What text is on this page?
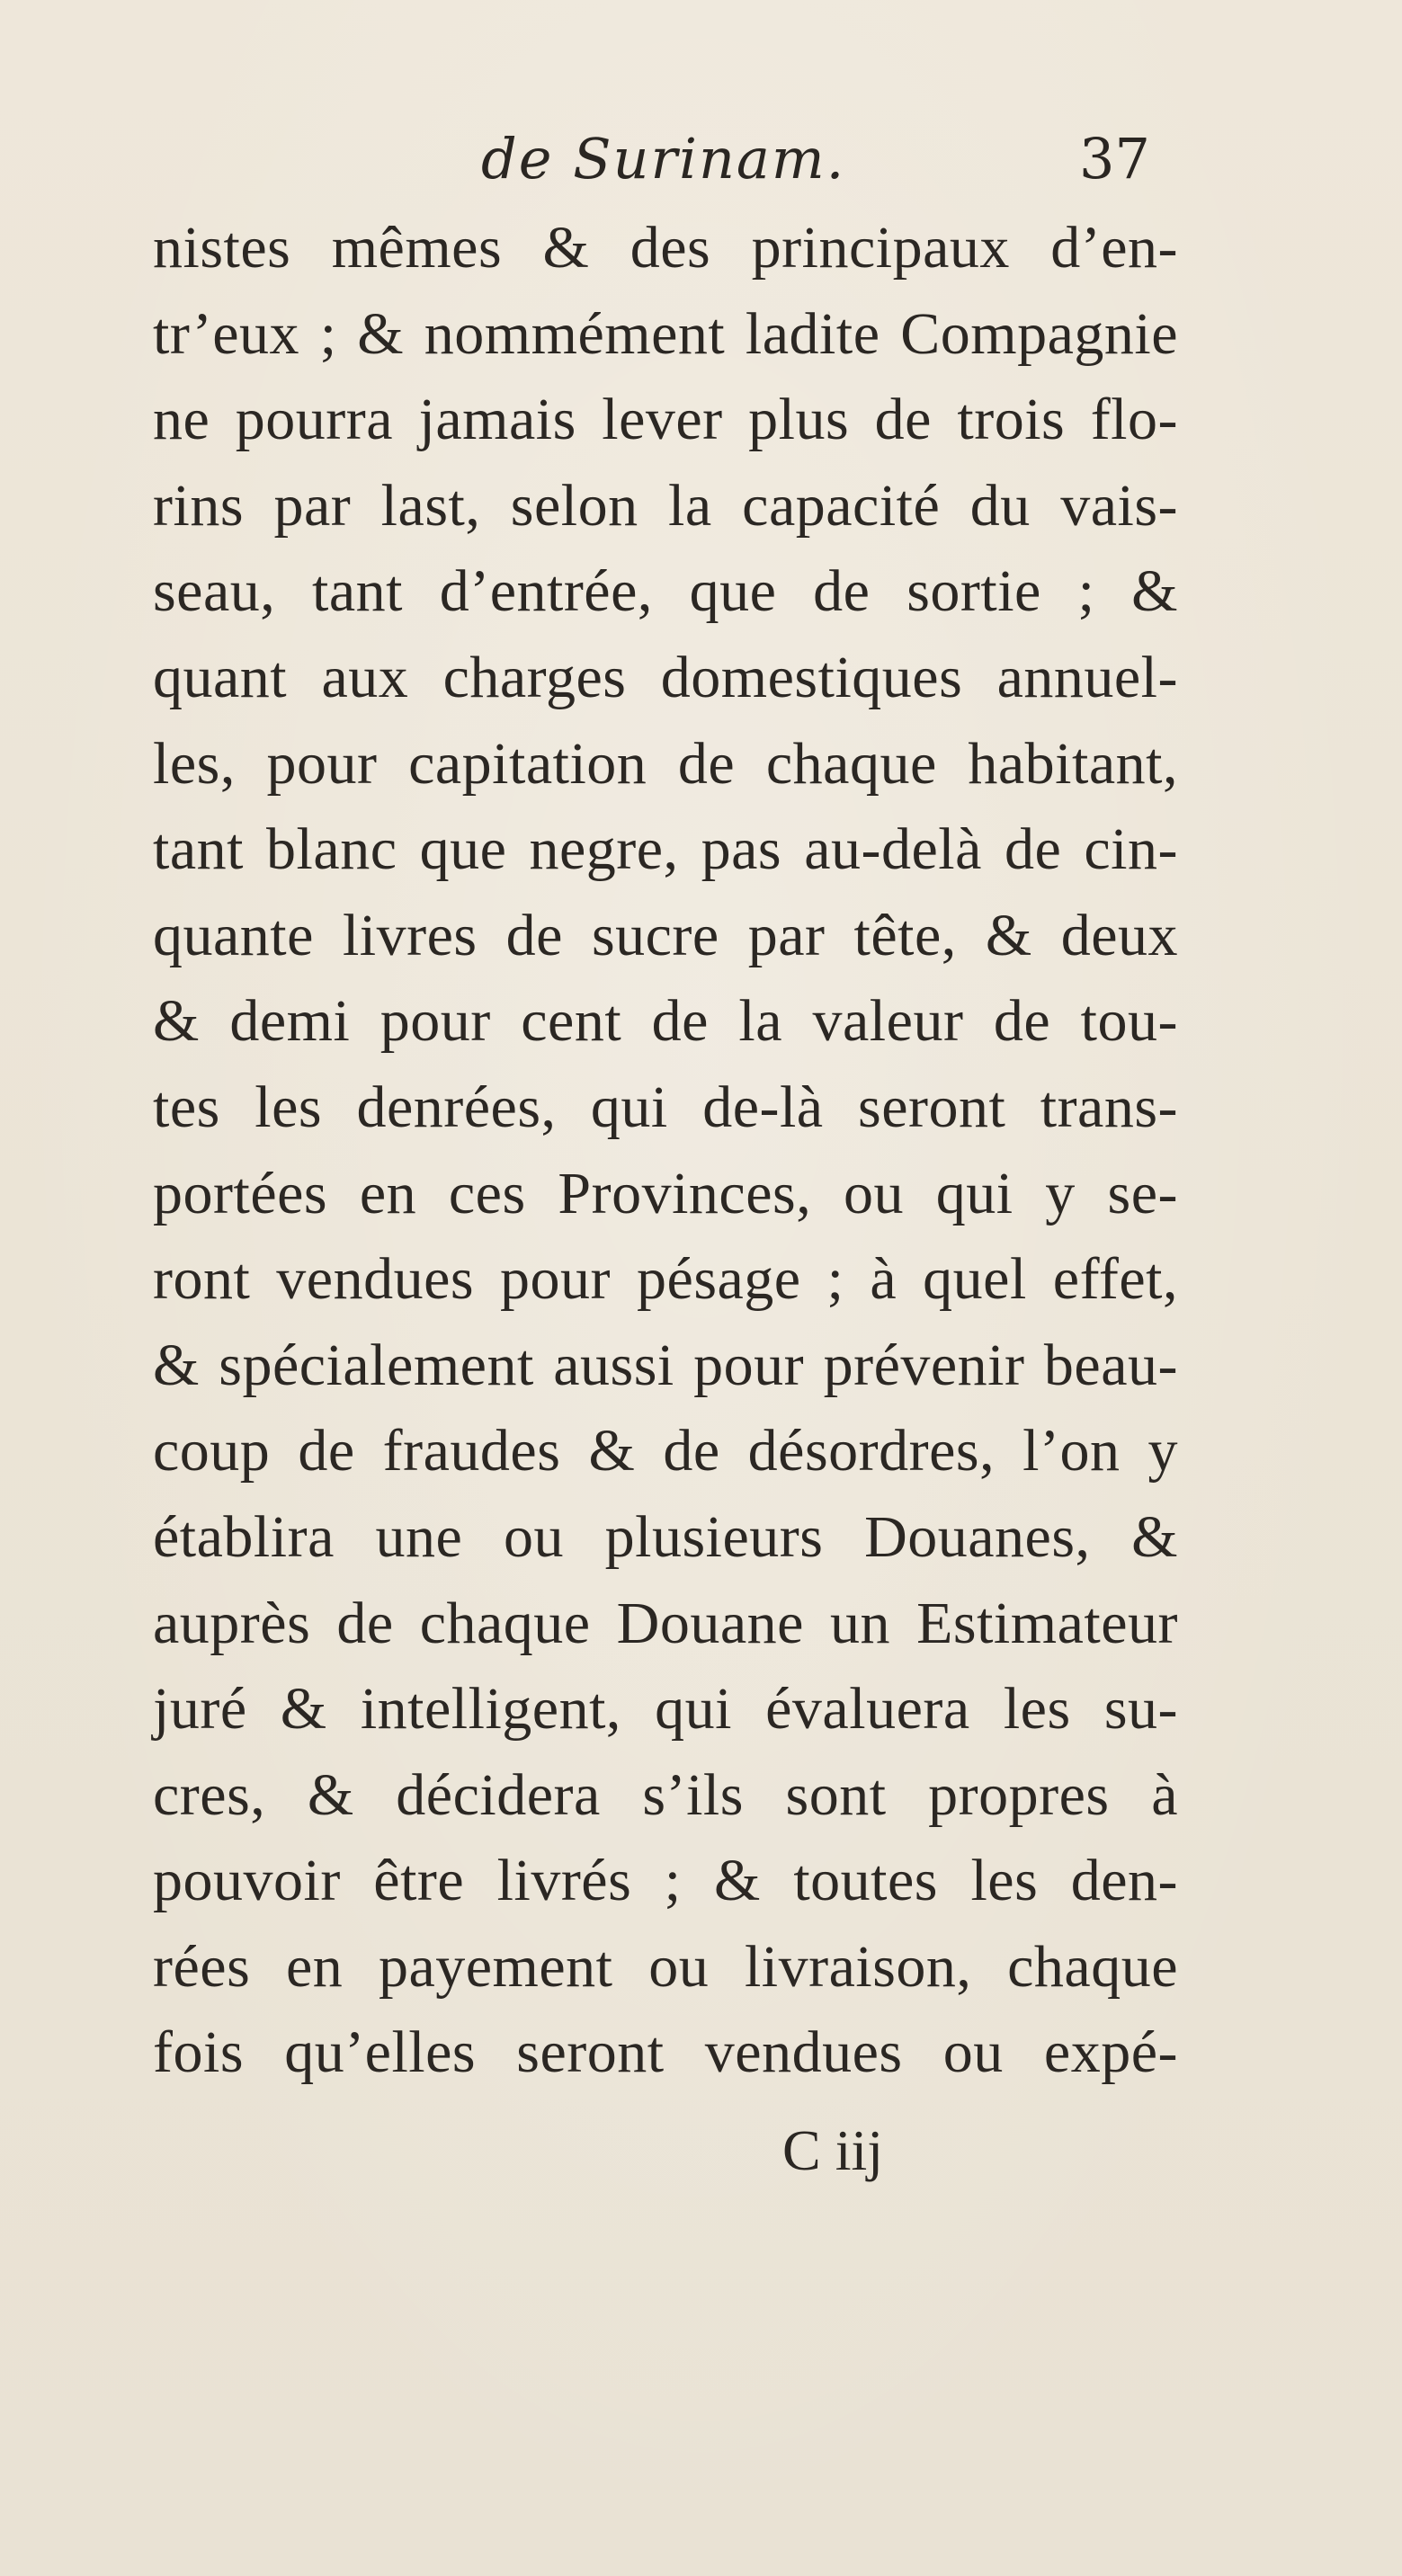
de Surinam.	37
nistes mêmes & des principaux d’en-
tr’eux ; & nommément ladite Compagnie
ne pourra jamais lever plus de trois flo-
rins par last, selon la capacité du vais-
seau, tant d’entrée, que de sortie ; &
quant aux charges domestiques annuel-
les, pour capitation de chaque habitant,
tant blanc que negre, pas au-delà de cin-
quante livres de sucre par tête, & deux
& demi pour cent de la valeur de tou-
tes les denrées, qui de-là seront trans-
portées en ces Provinces, ou qui y se-
ront vendues pour pésage ; à quel effet,
& spécialement aussi pour prévenir beau-
coup de fraudes & de désordres, l’on y
établira une ou plusieurs Douanes, &
auprès de chaque Douane un Estimateur
juré & intelligent, qui évaluera les su-
cres, & décidera s’ils sont propres à
pouvoir être livrés ; & toutes les den-
rées en payement ou livraison, chaque
fois qu’elles seront vendues ou expé-
C iij
